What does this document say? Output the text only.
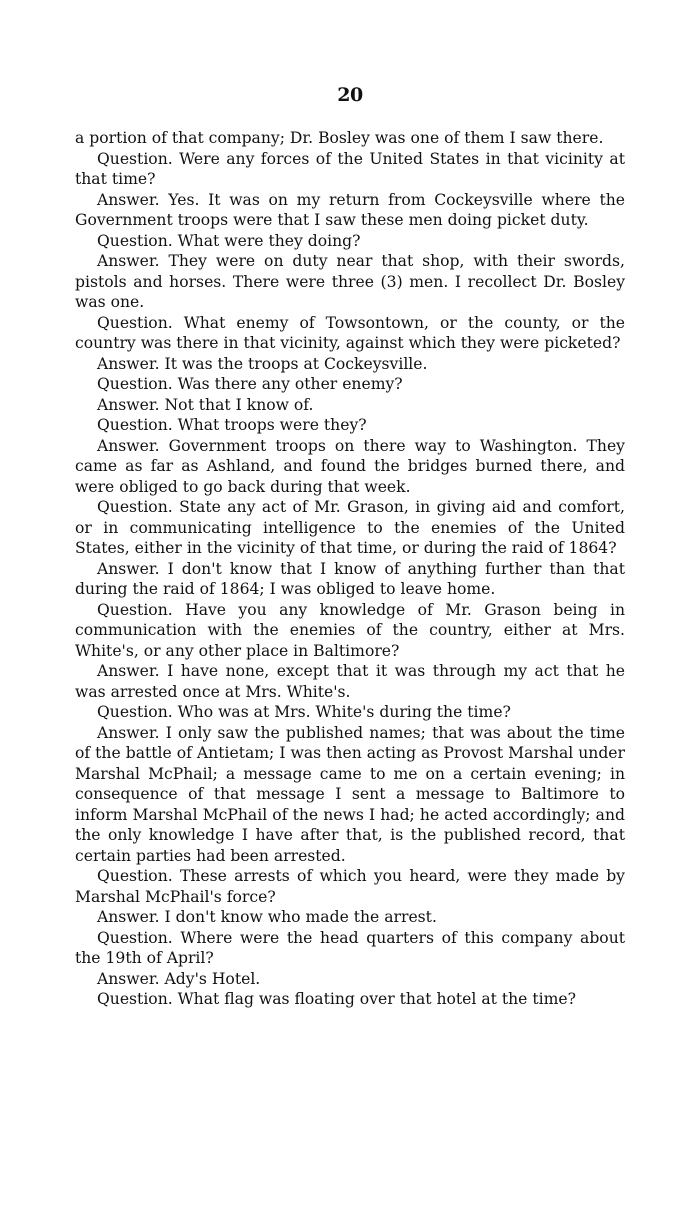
20

a portion of that company; Dr. Bosley was one of them I saw there.

Question. Were any forces of the United States in that vicinity at that time?

Answer. Yes. It was on my return from Cockeysville where the Government troops were that I saw these men doing picket duty.

Question. What were they doing?

Answer. They were on duty near that shop, with their swords, pistols and horses. There were three (3) men. I recollect Dr. Bosley was one.

Question. What enemy of Towsontown, or the county, or the country was there in that vicinity, against which they were picketed?

Answer. It was the troops at Cockeysville.

Question. Was there any other enemy?

Answer. Not that I know of.

Question. What troops were they?

Answer. Government troops on there way to Washington. They came as far as Ashland, and found the bridges burned there, and were obliged to go back during that week.

Question. State any act of Mr. Grason, in giving aid and comfort, or in communicating intelligence to the enemies of the United States, either in the vicinity of that time, or during the raid of 1864?

Answer. I don't know that I know of anything further than that during the raid of 1864; I was obliged to leave home.

Question. Have you any knowledge of Mr. Grason being in communication with the enemies of the country, either at Mrs. White's, or any other place in Baltimore?

Answer. I have none, except that it was through my act that he was arrested once at Mrs. White's.

Question. Who was at Mrs. White's during the time?

Answer. I only saw the published names; that was about the time of the battle of Antietam; I was then acting as Provost Marshal under Marshal McPhail; a message came to me on a certain evening; in consequence of that message I sent a message to Baltimore to inform Marshal McPhail of the news I had; he acted accordingly; and the only knowledge I have after that, is the published record, that certain parties had been arrested.

Question. These arrests of which you heard, were they made by Marshal McPhail's force?

Answer. I don't know who made the arrest.

Question. Where were the head quarters of this company about the 19th of April?

Answer. Ady's Hotel.

Question. What flag was floating over that hotel at the time?
